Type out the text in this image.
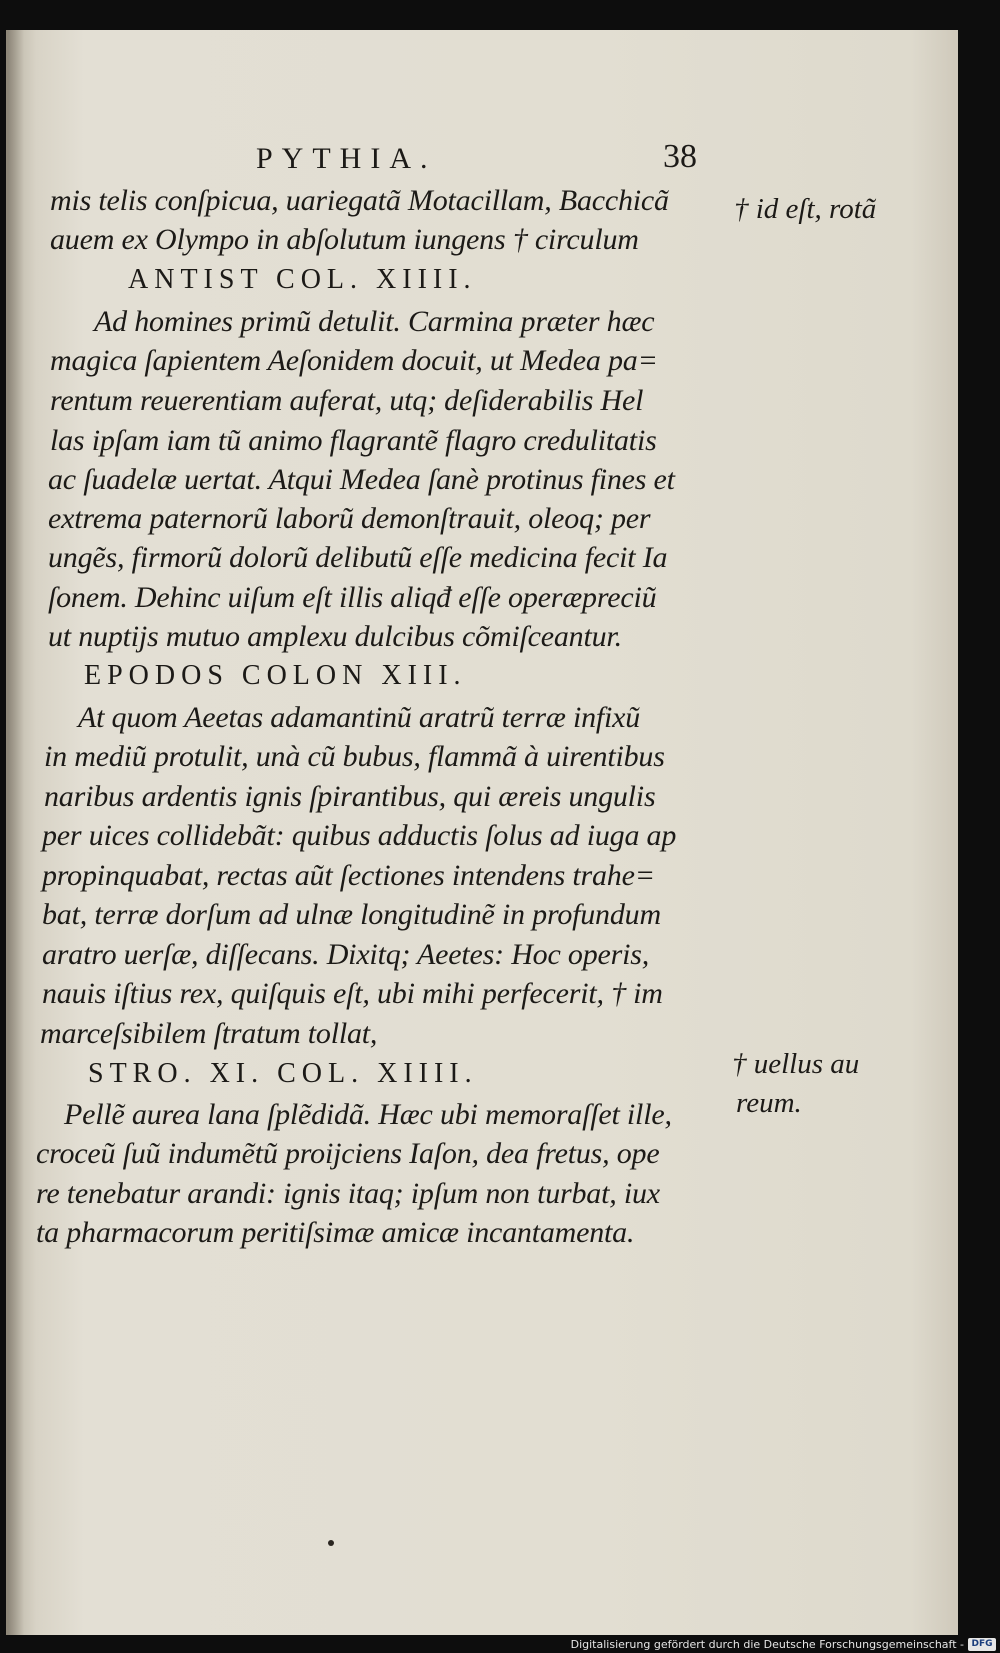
PYTHIA.	38
mis telis conſpicua, uariegatã Motacillam, Bacchicã
auem ex Olympo in abſolutum iungens † circulum
ANTIST COL. XIIII.
Ad homines primũ detulit. Carmina præter hæc
magica ſapientem Aeſonidem docuit, ut Medea pa=
rentum reuerentiam auferat, utq; deſiderabilis Hel
las ipſam iam tũ animo flagrantẽ flagro credulitatis
ac ſuadelæ uertat. Atqui Medea ſanè protinus fines et
extrema paternorũ laborũ demonſtrauit, oleoq; per
ungẽs, firmorũ dolorũ delibutũ eſſe medicina fecit Ia
ſonem. Dehinc uiſum eſt illis aliqđ eſſe operæpreciũ
ut nuptijs mutuo amplexu dulcibus cõmiſceantur.
EPODOS COLON XIII.
At quom Aeetas adamantinũ aratrũ terræ infixũ
in mediũ protulit, unà cũ bubus, flammã à uirentibus
naribus ardentis ignis ſpirantibus, qui æreis ungulis
per uices collidebãt: quibus adductis ſolus ad iuga ap
propinquabat, rectas aũt ſectiones intendens trahe=
bat, terræ dorſum ad ulnæ longitudinẽ in profundum
aratro uerſæ, diſſecans. Dixitq; Aeetes: Hoc operis,
nauis iſtius rex, quiſquis eſt, ubi mihi perfecerit, † im
marceſsibilem ſtratum tollat,
STRO. XI. COL. XIIII.
Pellẽ aurea lana ſplẽdidã. Hæc ubi memoraſſet ille,
croceũ ſuũ indumẽtũ proijciens Iaſon, dea fretus, ope
re tenebatur arandi: ignis itaq; ipſum non turbat, iux
ta pharmacorum peritiſsimæ amicæ incantamenta.
† id eſt, rotã
† uellus au
reum.
Digitalisierung gefördert durch die Deutsche Forschungsgemeinschaft - DFG
